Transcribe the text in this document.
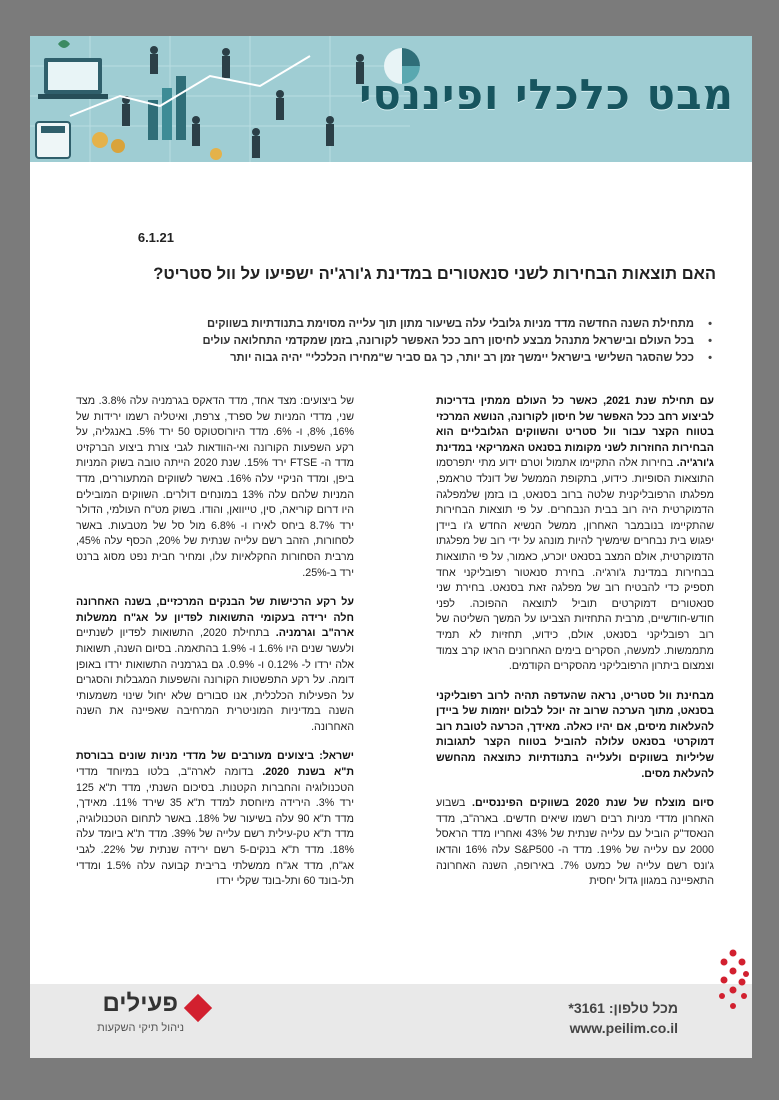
מבט כלכלי ופיננסי
6.1.21
האם תוצאות הבחירות לשני סנאטורים במדינת ג'ורג'יה ישפיעו על וול סטריט?
• מתחילת השנה החדשה מדד מניות גלובלי עלה בשיעור מתון תוך עלייה מסוימת בתנודתיות בשווקים
• בכל העולם ובישראל מתנהל מבצע לחיסון רחב ככל האפשר לקורונה, בזמן שמקדמי התחלואה עולים
• ככל שהסגר השלישי בישראל יימשך זמן רב יותר, כך גם סביר ש"מחירו הכלכלי" יהיה גבוה יותר

עם תחילת שנת 2021, כאשר כל העולם ממתין בדריכות לביצוע רחב ככל האפשר של חיסון לקורונה, הנושא המרכזי בטווח הקצר עבור וול סטריט והשווקים הגלובליים הוא הבחירות החוזרות לשני מקומות בסנאט האמריקאי במדינת ג'ורג'יה. בחירות אלה התקיימו אתמול וטרם ידוע מתי יתפרסמו התוצאות הסופיות. כידוע, בתקופת הממשל של דונלד טראמפ, מפלגתו הרפובליקנית שלטה ברוב בסנאט, בו בזמן שלמפלגה הדמוקרטית היה רוב בבית הנבחרים. על פי תוצאות הבחירות שהתקיימו בנובמבר האחרון, ממשל הנשיא החדש ג'ו ביידן יפגוש בית נבחרים שימשיך להיות מונהג על ידי רוב של מפלגתו הדמוקרטית, אולם המצב בסנאט יוכרע, כאמור, על פי התוצאות בבחירות במדינת ג'ורג'יה. בחירת סנאטור רפובליקני אחד תספיק כדי להבטיח רוב של מפלגה זאת בסנאט. בחירת שני סנאטורים דמוקרטים תוביל לתוצאה ההפוכה. לפני חודש-חודשיים, מרבית התחזיות הצביעו על המשך השליטה של רוב רפובליקני בסנאט, אולם, כידוע, תחזיות לא תמיד מתממשות. למעשה, הסקרים בימים האחרונים הראו קרב צמוד וצמצום ביתרון הרפובליקני מהסקרים הקודמים.

מבחינת וול סטריט, נראה שהעדפה תהיה לרוב רפובליקני בסנאט, מתוך הערכה שרוב זה יוכל לבלום יוזמות של ביידן להעלאות מיסים, אם יהיו כאלה. מאידך, הכרעה לטובת רוב דמוקרטי בסנאט עלולה להוביל בטווח הקצר לתגובות שליליות בשווקים ולעלייה בתנודתיות כתוצאה מהחשש להעלאת מסים.

סיום מוצלח של שנת 2020 בשווקים הפיננסיים. בשבוע האחרון מדדי מניות רבים רשמו שיאים חדשים. בארה"ב, מדד הנאסד"ק הוביל עם עלייה שנתית של 43% ואחריו מדד הראסל 2000 עם עלייה של 19%. מדד ה- S&P500 עלה 16% והדאו ג'ונס רשם עלייה של כמעט 7%. באירופה, השנה האחרונה התאפיינה במגוון גדול יחסית

של ביצועים: מצד אחד, מדד הדאקס בגרמניה עלה 3.8%. מצד שני, מדדי המניות של ספרד, צרפת, ואיטליה רשמו ירידות של 16%, 8%, ו- 6%. מדד היורוסטוקס 50 ירד 5%. באנגליה, על רקע השפעות הקורונה ואי-הוודאות לגבי צורת ביצוע הברקזיט מדד ה- FTSE ירד 15%. שנת 2020 הייתה טובה בשוק המניות ביפן, ומדד הניקיי עלה 16%. באשר לשווקים המתעוררים, מדד המניות שלהם עלה 13% במונחים דולרים. השווקים המובילים היו דרום קוריאה, סין, טייוואן, והודו. בשוק מט"ח העולמי, הדולר ירד 8.7% ביחס לאירו ו- 6.8% מול סל של מטבעות. באשר לסחורות, הזהב רשם עלייה שנתית של 20%, הכסף עלה 45%, מרבית הסחורות החקלאיות עלו, ומחיר חבית נפט מסוג ברנט ירד ב-25%.

על רקע הרכישות של הבנקים המרכזיים, בשנה האחרונה חלה ירידה בעקומי התשואות לפדיון על אג"ח ממשלות ארה"ב וגרמניה. בתחילת 2020, התשואות לפדיון לשנתיים ולעשר שנים היו 1.6% ו- 1.9% בהתאמה. בסיום השנה, תשואות אלה ירדו ל- 0.12% ו- 0.9%. גם בגרמניה התשואות ירדו באופן דומה. על רקע התפשטות הקורונה והשפעות המגבלות והסגרים על הפעילות הכלכלית, אנו סבורים שלא יחול שינוי משמעותי השנה במדיניות המוניטרית המרחיבה שאפיינה את השנה האחרונה.

ישראל: ביצועים מעורבים של מדדי מניות שונים בבורסת ת"א בשנת 2020. בדומה לארה"ב, בלטו במיוחד מדדי הטכנולוגיה והחברות הקטנות. בסיכום השנתי, מדד ת"א 125 ירד 3%. הירידה מיוחסת למדד ת"א 35 שירד 11%. מאידך, מדד ת"א 90 עלה בשיעור של 18%. באשר לתחום הטכנולוגיה, מדד ת"א טק-עילית רשם עלייה של 39%. מדד ת"א ביומד עלה 18%. מדד ת"א בנקים-5 רשם ירידה שנתית של 22%. לגבי אג"ח, מדד אג"ח ממשלתי בריבית קבועה עלה 1.5% ומדדי תל-בונד 60 ותל-בונד שקלי ירדו

פעילים
ניהול תיקי השקעות
מכל טלפון: 3161*
www.peilim.co.il
